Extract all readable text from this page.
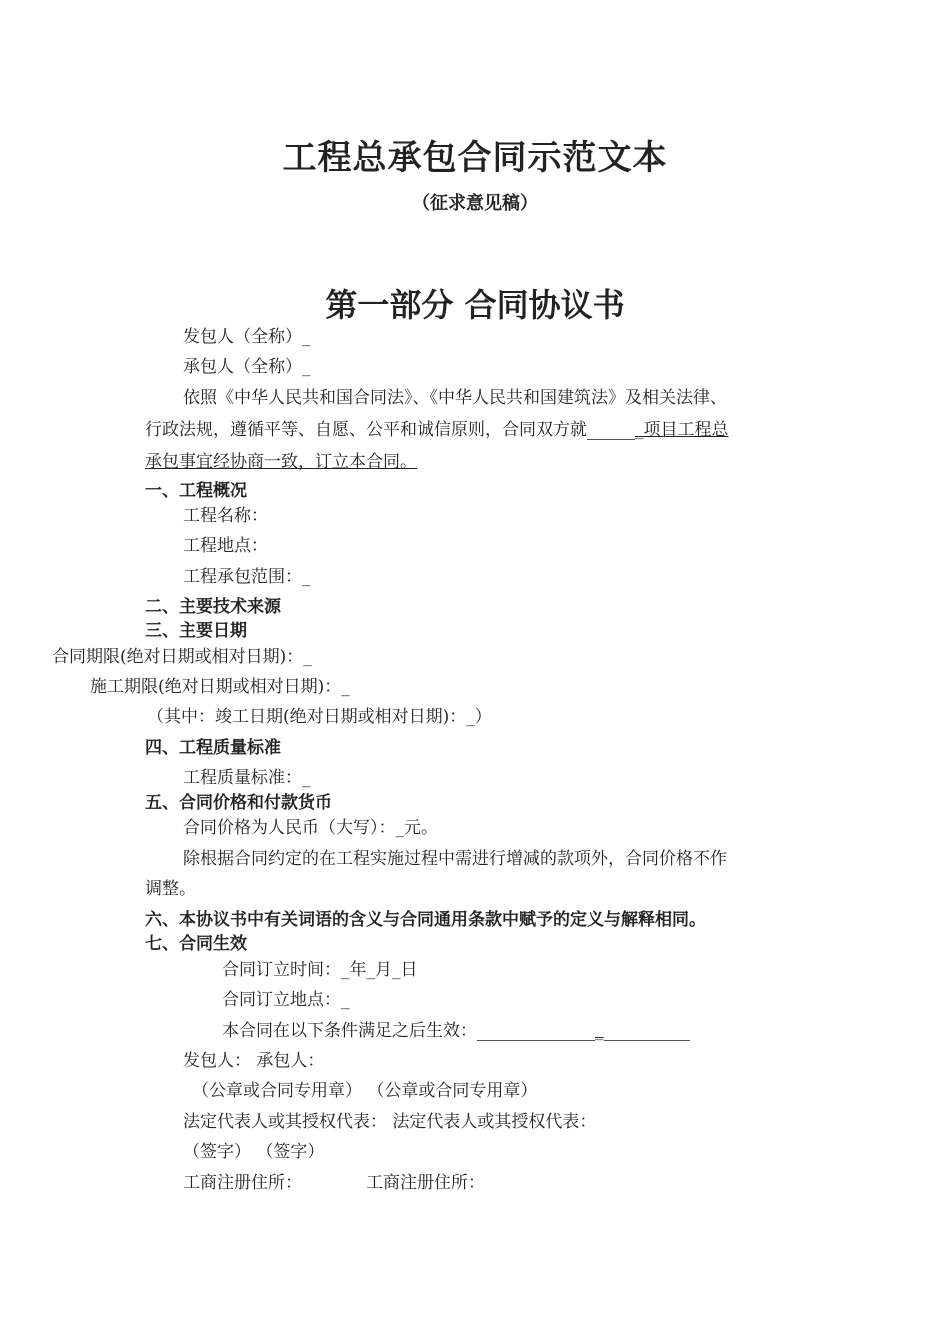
工程总承包合同示范文本
（征求意见稿）
第一部分 合同协议书
发包人（全称）_
承包人（全称）_
依照《中华人民共和国合同法》、《中华人民共和国建筑法》及相关法律、
行政法规，遵循平等、自愿、公平和诚信原则，合同双方就	_项目工程总
承包事宜经协商一致，订立本合同。
一、工程概况
工程名称：
工程地点：
工程承包范围：_
二、主要技术来源
三、主要日期
合同期限(绝对日期或相对日期)：_
施工期限(绝对日期或相对日期)：_
（其中：竣工日期(绝对日期或相对日期)：_）
四、工程质量标准
工程质量标准：_
五、合同价格和付款货币
合同价格为人民币（大写）：_元。
除根据合同约定的在工程实施过程中需进行增减的款项外，合同价格不作
调整。
六、本协议书中有关词语的含义与合同通用条款中赋予的定义与解释相同。
七、合同生效
合同订立时间：_年_月_日
合同订立地点：_
本合同在以下条件满足之后生效：	_
发包人： 承包人：
（公章或合同专用章） （公章或合同专用章）
法定代表人或其授权代表： 法定代表人或其授权代表：
（签字） （签字）
工商注册住所：	工商注册住所：
